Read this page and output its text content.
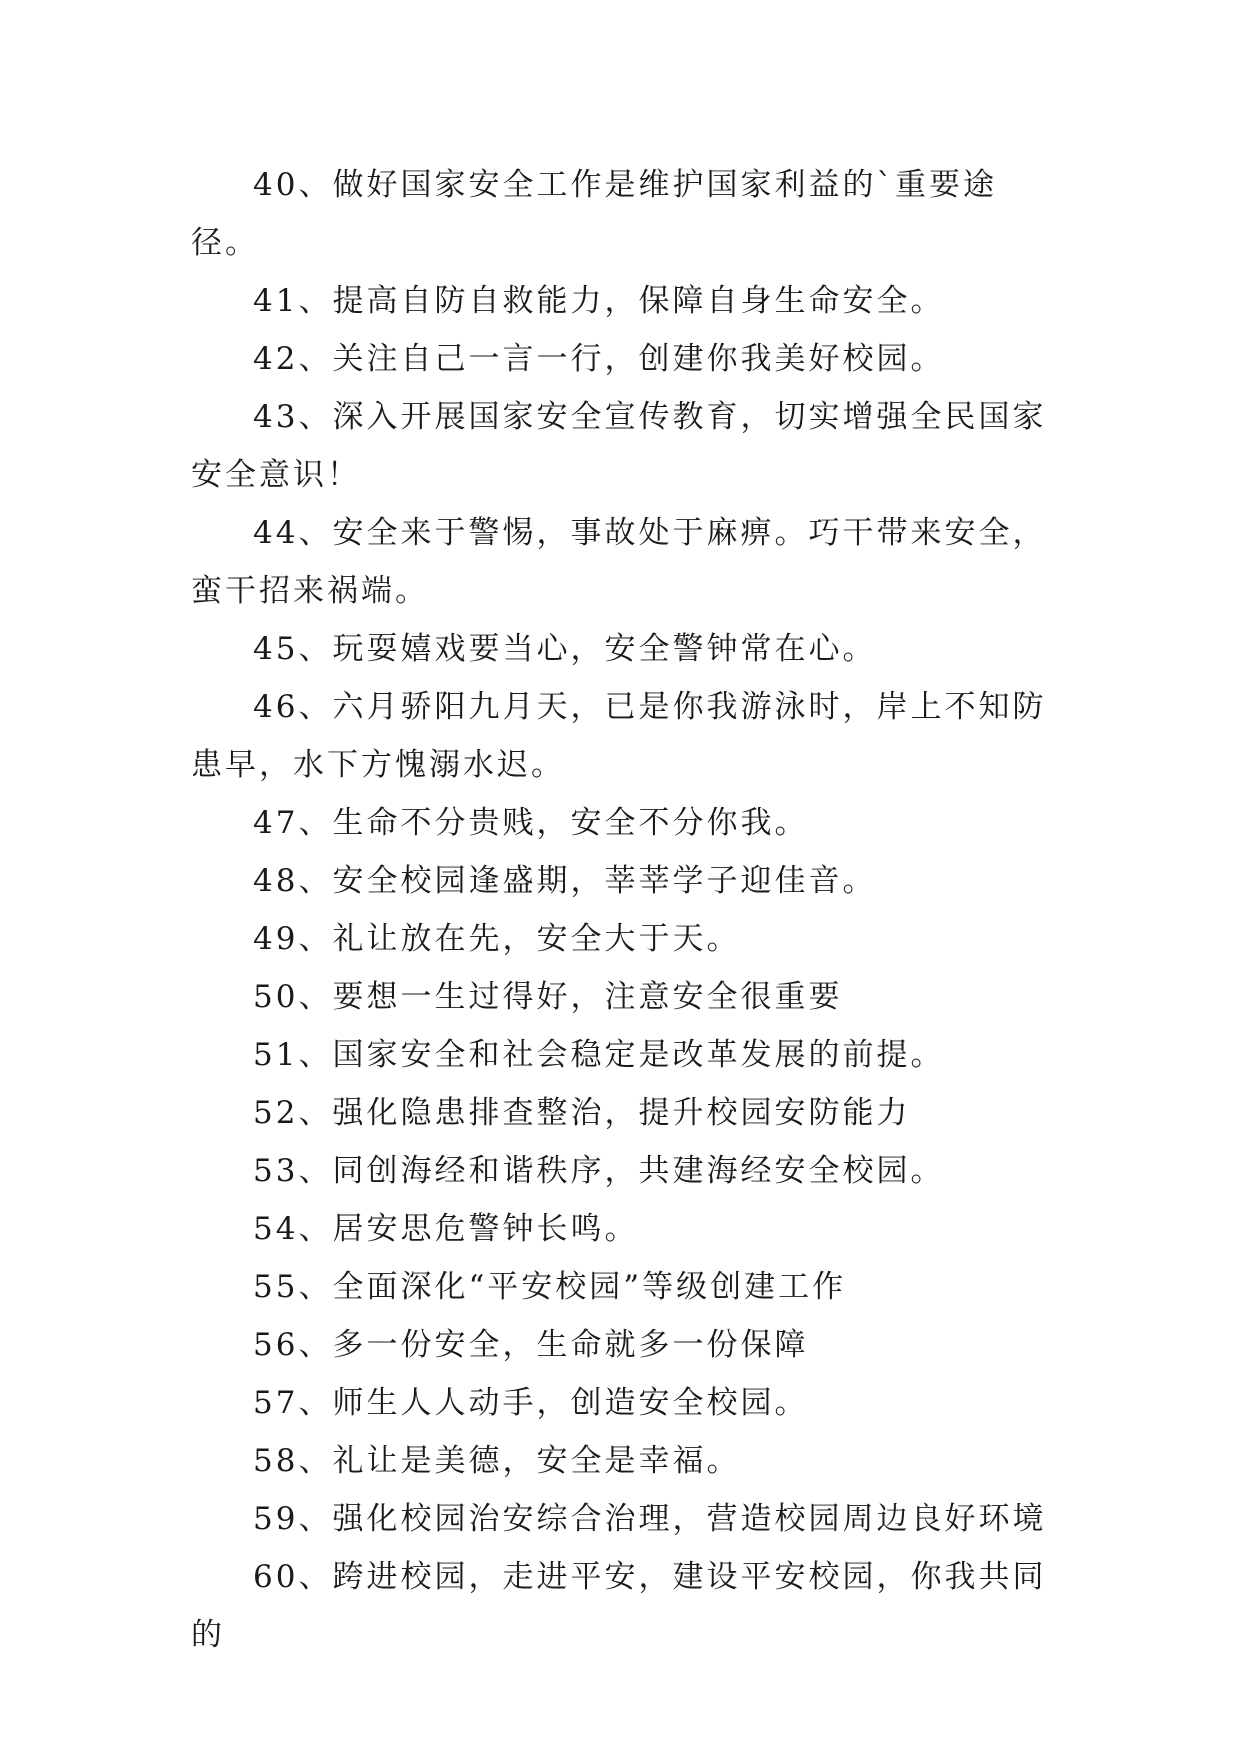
40、做好国家安全工作是维护国家利益的`重要途径。

41、提高自防自救能力，保障自身生命安全。

42、关注自己一言一行，创建你我美好校园。

43、深入开展国家安全宣传教育，切实增强全民国家安全意识！

44、安全来于警惕，事故处于麻痹。巧干带来安全，蛮干招来祸端。

45、玩耍嬉戏要当心，安全警钟常在心。

46、六月骄阳九月天，已是你我游泳时，岸上不知防患早，水下方愧溺水迟。

47、生命不分贵贱，安全不分你我。

48、安全校园逢盛期，莘莘学子迎佳音。

49、礼让放在先，安全大于天。

50、要想一生过得好，注意安全很重要

51、国家安全和社会稳定是改革发展的前提。

52、强化隐患排查整治，提升校园安防能力

53、同创海经和谐秩序，共建海经安全校园。

54、居安思危警钟长鸣。

55、全面深化“平安校园”等级创建工作

56、多一份安全，生命就多一份保障

57、师生人人动手，创造安全校园。

58、礼让是美德，安全是幸福。

59、强化校园治安综合治理，营造校园周边良好环境

60、跨进校园，走进平安，建设平安校园，你我共同的
